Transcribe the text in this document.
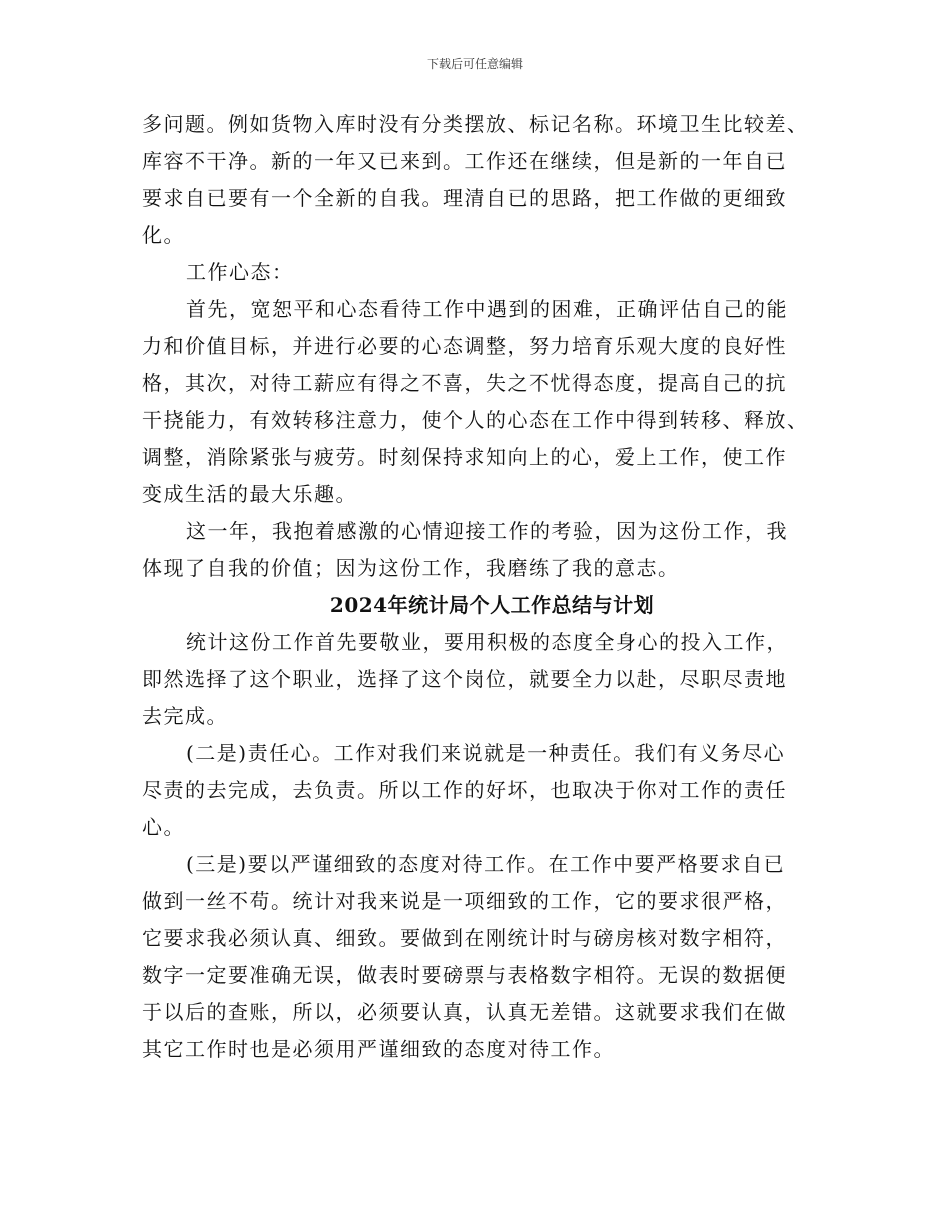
下载后可任意编辑

多问题。例如货物入库时没有分类摆放、标记名称。环境卫生比较差、
库容不干净。新的一年又已来到。工作还在继续，但是新的一年自已
要求自已要有一个全新的自我。理清自已的思路，把工作做的更细致
化。

工作心态：

首先，宽恕平和心态看待工作中遇到的困难，正确评估自己的能
力和价值目标，并进行必要的心态调整，努力培育乐观大度的良好性
格，其次，对待工薪应有得之不喜，失之不忧得态度，提高自己的抗
干挠能力，有效转移注意力，使个人的心态在工作中得到转移、释放、
调整，消除紧张与疲劳。时刻保持求知向上的心，爱上工作，使工作
变成生活的最大乐趣。

这一年，我抱着感激的心情迎接工作的考验，因为这份工作，我
体现了自我的价值；因为这份工作，我磨练了我的意志。

2024年统计局个人工作总结与计划

统计这份工作首先要敬业，要用积极的态度全身心的投入工作，
即然选择了这个职业，选择了这个岗位，就要全力以赴，尽职尽责地
去完成。

(二是)责任心。工作对我们来说就是一种责任。我们有义务尽心
尽责的去完成，去负责。所以工作的好坏，也取决于你对工作的责任
心。

(三是)要以严谨细致的态度对待工作。在工作中要严格要求自已
做到一丝不苟。统计对我来说是一项细致的工作，它的要求很严格，
它要求我必须认真、细致。要做到在刚统计时与磅房核对数字相符，
数字一定要准确无误，做表时要磅票与表格数字相符。无误的数据便
于以后的查账，所以，必须要认真，认真无差错。这就要求我们在做
其它工作时也是必须用严谨细致的态度对待工作。
